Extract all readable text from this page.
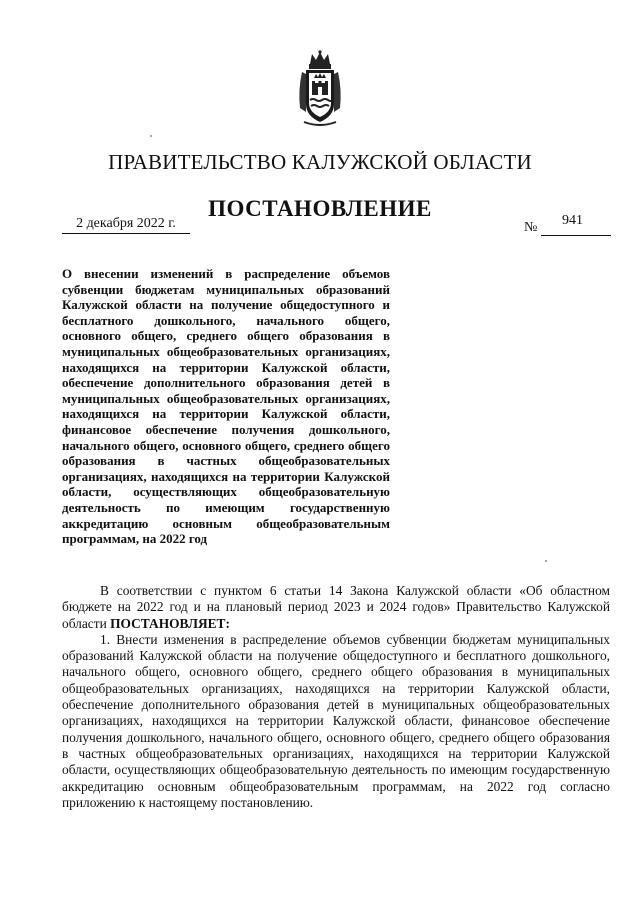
ПРАВИТЕЛЬСТВО КАЛУЖСКОЙ ОБЛАСТИ
ПОСТАНОВЛЕНИЕ
2 декабря 2022 г.	№ 941
О внесении изменений в распределение объемов субвенции бюджетам муниципальных образований Калужской области на получение общедоступного и бесплатного дошкольного, начального общего, основного общего, среднего общего образования в муниципальных общеобразовательных организациях, находящихся на территории Калужской области, обеспечение дополнительного образования детей в муниципальных общеобразовательных организациях, находящихся на территории Калужской области, финансовое обеспечение получения дошкольного, начального общего, основного общего, среднего общего образования в частных общеобразовательных организациях, находящихся на территории Калужской области, осуществляющих общеобразовательную деятельность по имеющим государственную аккредитацию основным общеобразовательным программам, на 2022 год

В соответствии с пунктом 6 статьи 14 Закона Калужской области «Об областном бюджете на 2022 год и на плановый период 2023 и 2024 годов» Правительство Калужской области ПОСТАНОВЛЯЕТ:

1. Внести изменения в распределение объемов субвенции бюджетам муниципальных образований Калужской области на получение общедоступного и бесплатного дошкольного, начального общего, основного общего, среднего общего образования в муниципальных общеобразовательных организациях, находящихся на территории Калужской области, обеспечение дополнительного образования детей в муниципальных общеобразовательных организациях, находящихся на территории Калужской области, финансовое обеспечение получения дошкольного, начального общего, основного общего, среднего общего образования в частных общеобразовательных организациях, находящихся на территории Калужской области, осуществляющих общеобразовательную деятельность по имеющим государственную аккредитацию основным общеобразовательным программам, на 2022 год согласно приложению к настоящему постановлению.
